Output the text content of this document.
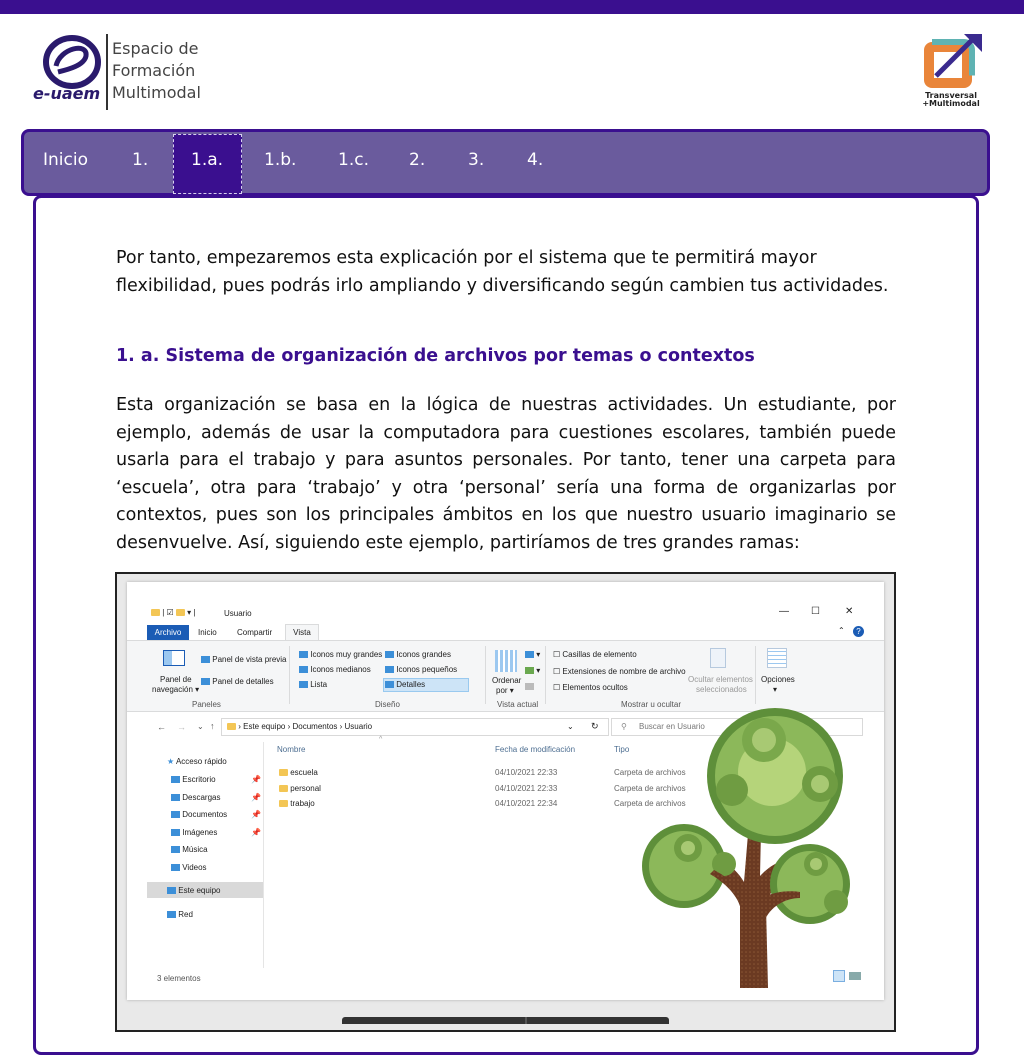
e-uaem
Espacio de
Formación
Multimodal	Transversal
+Multimodal
Inicio	1.	1.a. 1.b. 1.c. 2.	3.	4.

Por tanto, empezaremos esta explicación por el sistema que te permitirá mayor flexibilidad, pues podrás irlo ampliando y diversificando según cambien tus actividades.

1. a. Sistema de organización de archivos por temas o contextos

Esta organización se basa en la lógica de nuestras actividades. Un estudiante, por ejemplo, además de usar la computadora para cuestiones escolares, también puede usarla para el trabajo y para asuntos personales. Por tanto, tener una carpeta para ‘escuela’, otra para ‘trabajo’ y otra ‘personal’ sería una forma de organizarlas por contextos, pues son los principales ámbitos en los que nuestro usuario imaginario se desenvuelve. Así, siguiendo este ejemplo, partiríamos de tres grandes ramas:

| ☑  ▾ |	Usuario	— ☐	✕
Archivo	Inicio	Compartir	Vista	⌃	?
Panel de
navegación ▾
Panel de vista previa
Panel de detalles
Paneles
Iconos muy grandes	Iconos grandes
Iconos medianos	Iconos pequeños
Lista	Detalles
Diseño
Ordenar
por ▾
▾
▾
Vista actual
☐ Casillas de elemento
☐ Extensiones de nombre de archivo
☐ Elementos ocultos
Ocultar elementos
seleccionados
Mostrar u ocultar
Opciones
▾
← → ⌄ ↑	› Este equipo › Documentos › Usuario	⌄ ↻	⚲ Buscar en Usuario
★ Acceso rápido
Escritorio
Descargas
Documentos
Imágenes
Música
Videos
📌
📌
📌
📌
Este equipo
Red
Nombre	Fecha de modificación	Tipo
^
escuela	04/10/2021 22:33	Carpeta de archivos
personal	04/10/2021 22:33	Carpeta de archivos
trabajo	04/10/2021 22:34	Carpeta de archivos
3 elementos
